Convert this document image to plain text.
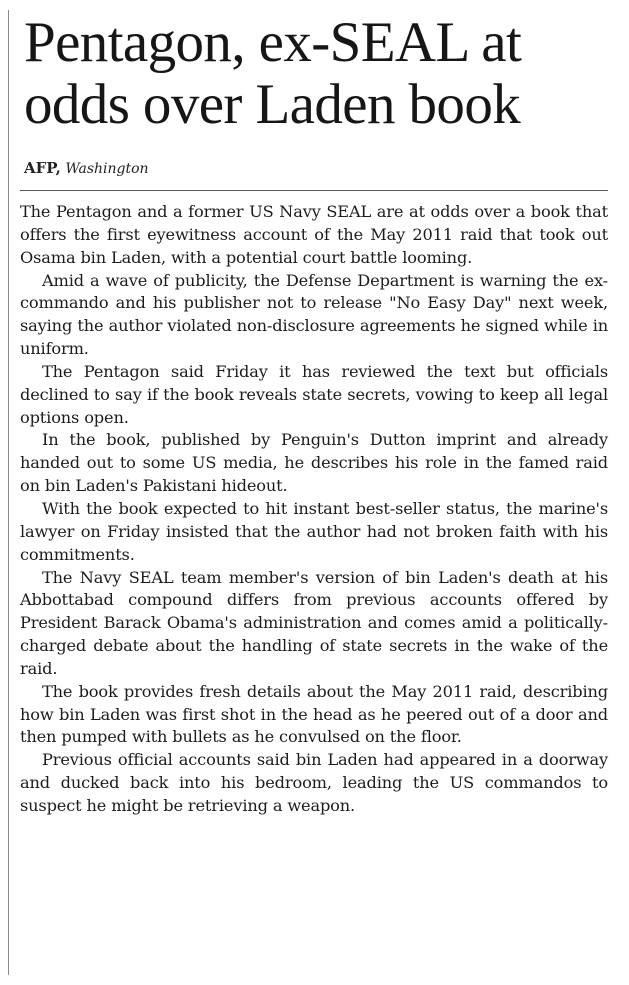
Pentagon, ex-SEAL at odds over Laden book
AFP, Washington

The Pentagon and a former US Navy SEAL are at odds over a book that offers the first eyewitness account of the May 2011 raid that took out Osama bin Laden, with a potential court battle looming.

Amid a wave of publicity, the Defense Department is warning the ex-commando and his publisher not to release "No Easy Day" next week, saying the author violated non-disclosure agreements he signed while in uniform.

The Pentagon said Friday it has reviewed the text but officials declined to say if the book reveals state secrets, vowing to keep all legal options open.

In the book, published by Penguin's Dutton imprint and already handed out to some US media, he describes his role in the famed raid on bin Laden's Pakistani hideout.

With the book expected to hit instant best-seller status, the marine's lawyer on Friday insisted that the author had not broken faith with his commitments.

The Navy SEAL team member's version of bin Laden's death at his Abbottabad compound differs from previous accounts offered by President Barack Obama's administration and comes amid a politically-charged debate about the handling of state secrets in the wake of the raid.

The book provides fresh details about the May 2011 raid, describing how bin Laden was first shot in the head as he peered out of a door and then pumped with bullets as he convulsed on the floor.

Previous official accounts said bin Laden had appeared in a doorway and ducked back into his bedroom, leading the US commandos to suspect he might be retrieving a weapon.
